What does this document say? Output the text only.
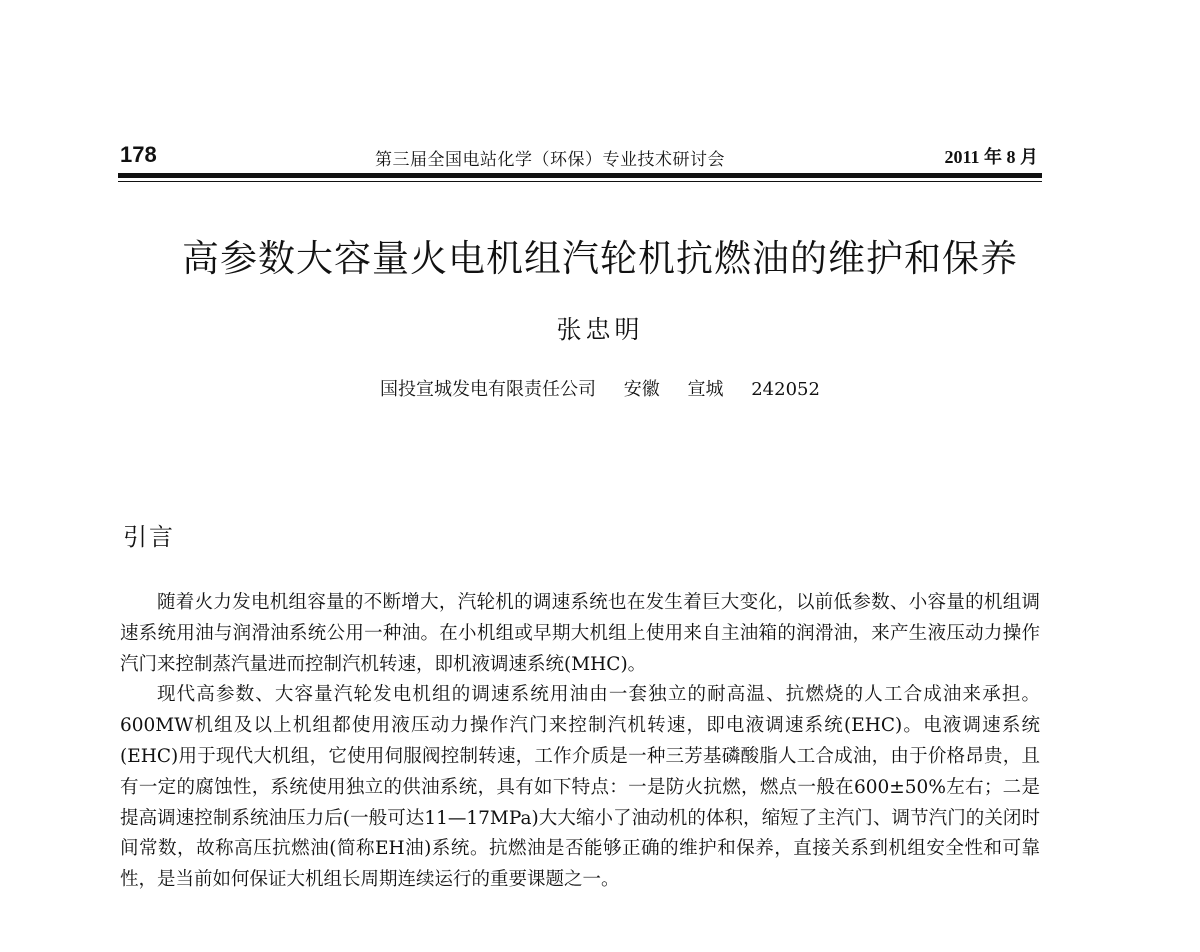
178	第三届全国电站化学（环保）专业技术研讨会	2011 年 8 月
高参数大容量火电机组汽轮机抗燃油的维护和保养
张忠明
国投宣城发电有限责任公司 安徽 宣城 242052
引言

随着火力发电机组容量的不断增大，汽轮机的调速系统也在发生着巨大变化，以前低参数、小容量的机组调速系统用油与润滑油系统公用一种油。在小机组或早期大机组上使用来自主油箱的润滑油，来产生液压动力操作汽门来控制蒸汽量进而控制汽机转速，即机液调速系统(MHC)。

现代高参数、大容量汽轮发电机组的调速系统用油由一套独立的耐高温、抗燃烧的人工合成油来承担。600MW机组及以上机组都使用液压动力操作汽门来控制汽机转速，即电液调速系统(EHC)。电液调速系统(EHC)用于现代大机组，它使用伺服阀控制转速，工作介质是一种三芳基磷酸脂人工合成油，由于价格昂贵，且有一定的腐蚀性，系统使用独立的供油系统，具有如下特点：一是防火抗燃，燃点一般在600±50%左右；二是提高调速控制系统油压力后(一般可达11—17MPa)大大缩小了油动机的体积，缩短了主汽门、调节汽门的关闭时间常数，故称高压抗燃油(简称EH油)系统。抗燃油是否能够正确的维护和保养，直接关系到机组安全性和可靠性，是当前如何保证大机组长周期连续运行的重要课题之一。
